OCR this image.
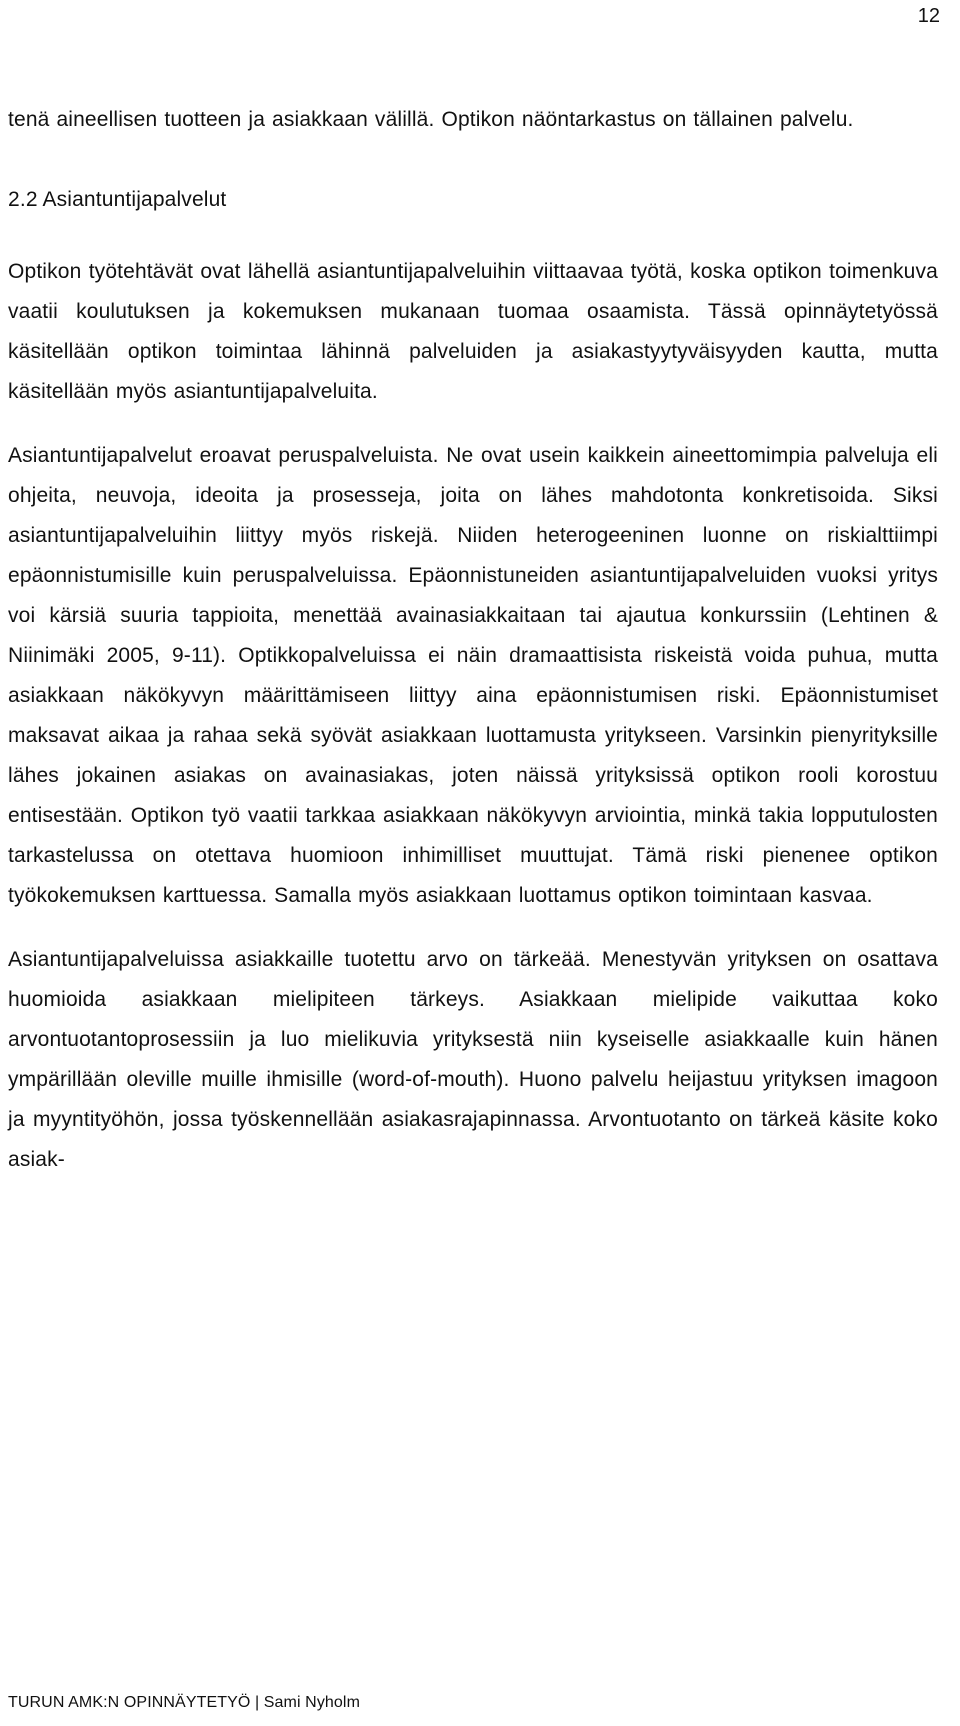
12

tenä aineellisen tuotteen ja asiakkaan välillä. Optikon näöntarkastus on tällainen palvelu.

2.2 Asiantuntijapalvelut

Optikon työtehtävät ovat lähellä asiantuntijapalveluihin viittaavaa työtä, koska optikon toimenkuva vaatii koulutuksen ja kokemuksen mukanaan tuomaa osaamista. Tässä opinnäytetyössä käsitellään optikon toimintaa lähinnä palveluiden ja asiakastyytyväisyyden kautta, mutta käsitellään myös asiantuntijapalveluita.

Asiantuntijapalvelut eroavat peruspalveluista. Ne ovat usein kaikkein aineettomimpia palveluja eli ohjeita, neuvoja, ideoita ja prosesseja, joita on lähes mahdotonta konkretisoida. Siksi asiantuntijapalveluihin liittyy myös riskejä. Niiden heterogeeninen luonne on riskialttiimpi epäonnistumisille kuin peruspalveluissa. Epäonnistuneiden asiantuntijapalveluiden vuoksi yritys voi kärsiä suuria tappioita, menettää avainasiakkaitaan tai ajautua konkurssiin (Lehtinen & Niinimäki 2005, 9-11). Optikkopalveluissa ei näin dramaattisista riskeistä voida puhua, mutta asiakkaan näkökyvyn määrittämiseen liittyy aina epäonnistumisen riski. Epäonnistumiset maksavat aikaa ja rahaa sekä syövät asiakkaan luottamusta yritykseen. Varsinkin pienyrityksille lähes jokainen asiakas on avainasiakas, joten näissä yrityksissä optikon rooli korostuu entisestään. Optikon työ vaatii tarkkaa asiakkaan näkökyvyn arviointia, minkä takia lopputulosten tarkastelussa on otettava huomioon inhimilliset muuttujat. Tämä riski pienenee optikon työkokemuksen karttuessa. Samalla myös asiakkaan luottamus optikon toimintaan kasvaa.

Asiantuntijapalveluissa asiakkaille tuotettu arvo on tärkeää. Menestyvän yrityksen on osattava huomioida asiakkaan mielipiteen tärkeys. Asiakkaan mielipide vaikuttaa koko arvontuotantoprosessiin ja luo mielikuvia yrityksestä niin kyseiselle asiakkaalle kuin hänen ympärillään oleville muille ihmisille (word-of-mouth). Huono palvelu heijastuu yrityksen imagoon ja myyntityöhön, jossa työskennellään asiakasrajapinnassa. Arvontuotanto on tärkeä käsite koko asiak-

TURUN AMK:N OPINNÄYTETYÖ | Sami Nyholm
